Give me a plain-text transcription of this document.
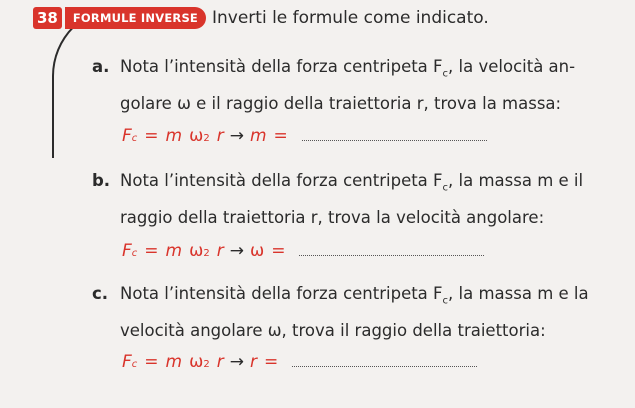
38	FORMULE INVERSE Inverti le formule come indicato.
a. Nota l’intensità della forza centripeta $F_c$, la velocità an-
golare ω e il raggio della traiettoria r, trova la massa:
F c = m ω 2 r → m =
b. Nota l’intensità della forza centripeta $F_c$, la massa m e il
raggio della traiettoria r, trova la velocità angolare:
F c = m ω 2 r → ω =
c. Nota l’intensità della forza centripeta $F_c$, la massa m e la
velocità angolare ω, trova il raggio della traiettoria:
F c = m ω 2 r → r =
